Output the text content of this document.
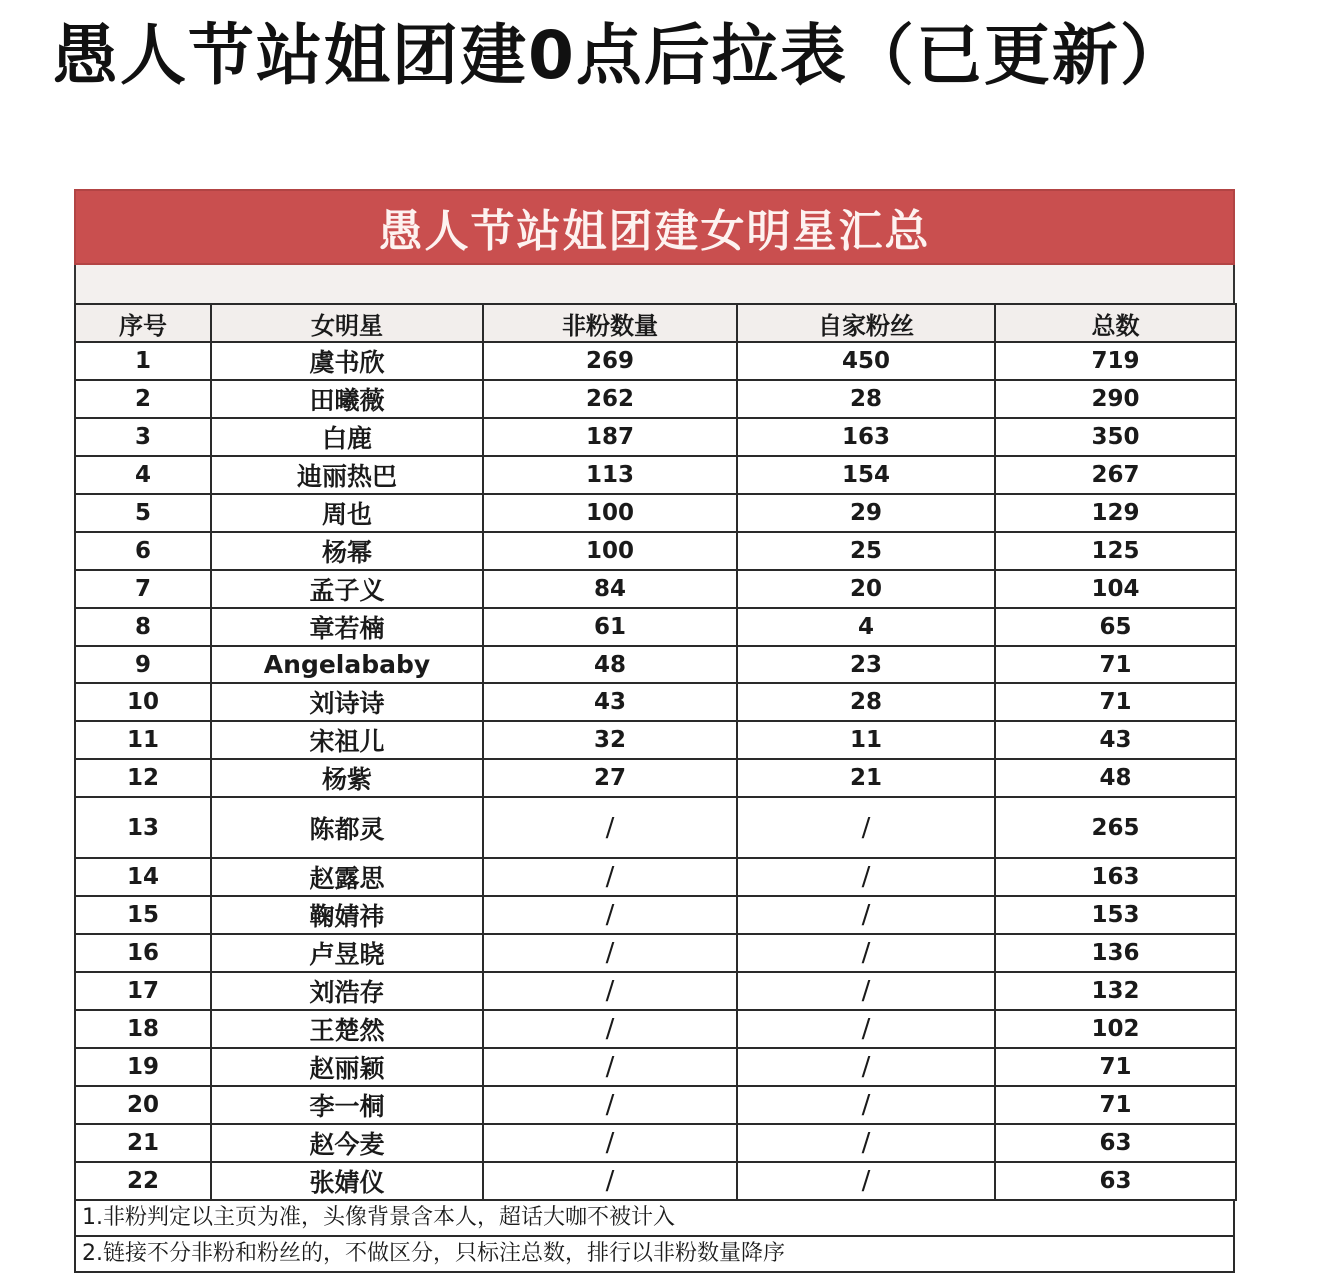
愚人节站姐团建0点后拉表（已更新）
愚人节站姐团建女明星汇总
序号	女明星	非粉数量	自家粉丝	总数
1	虞书欣	269	450	719
2	田曦薇	262	28	290
3	白鹿	187	163	350
4	迪丽热巴	113	154	267
5	周也	100	29	129
6	杨幂	100	25	125
7	孟子义	84	20	104
8	章若楠	61	4	65
9	Angelababy	48	23	71
10	刘诗诗	43	28	71
11	宋祖儿	32	11	43
12	杨紫	27	21	48
13	陈都灵	/	/	265
14	赵露思	/	/	163
15	鞠婧祎	/	/	153
16	卢昱晓	/	/	136
17	刘浩存	/	/	132
18	王楚然	/	/	102
19	赵丽颖	/	/	71
20	李一桐	/	/	71
21	赵今麦	/	/	63
22	张婧仪	/	/	63
1.非粉判定以主页为准，头像背景含本人，超话大咖不被计入
2.链接不分非粉和粉丝的，不做区分，只标注总数，排行以非粉数量降序
